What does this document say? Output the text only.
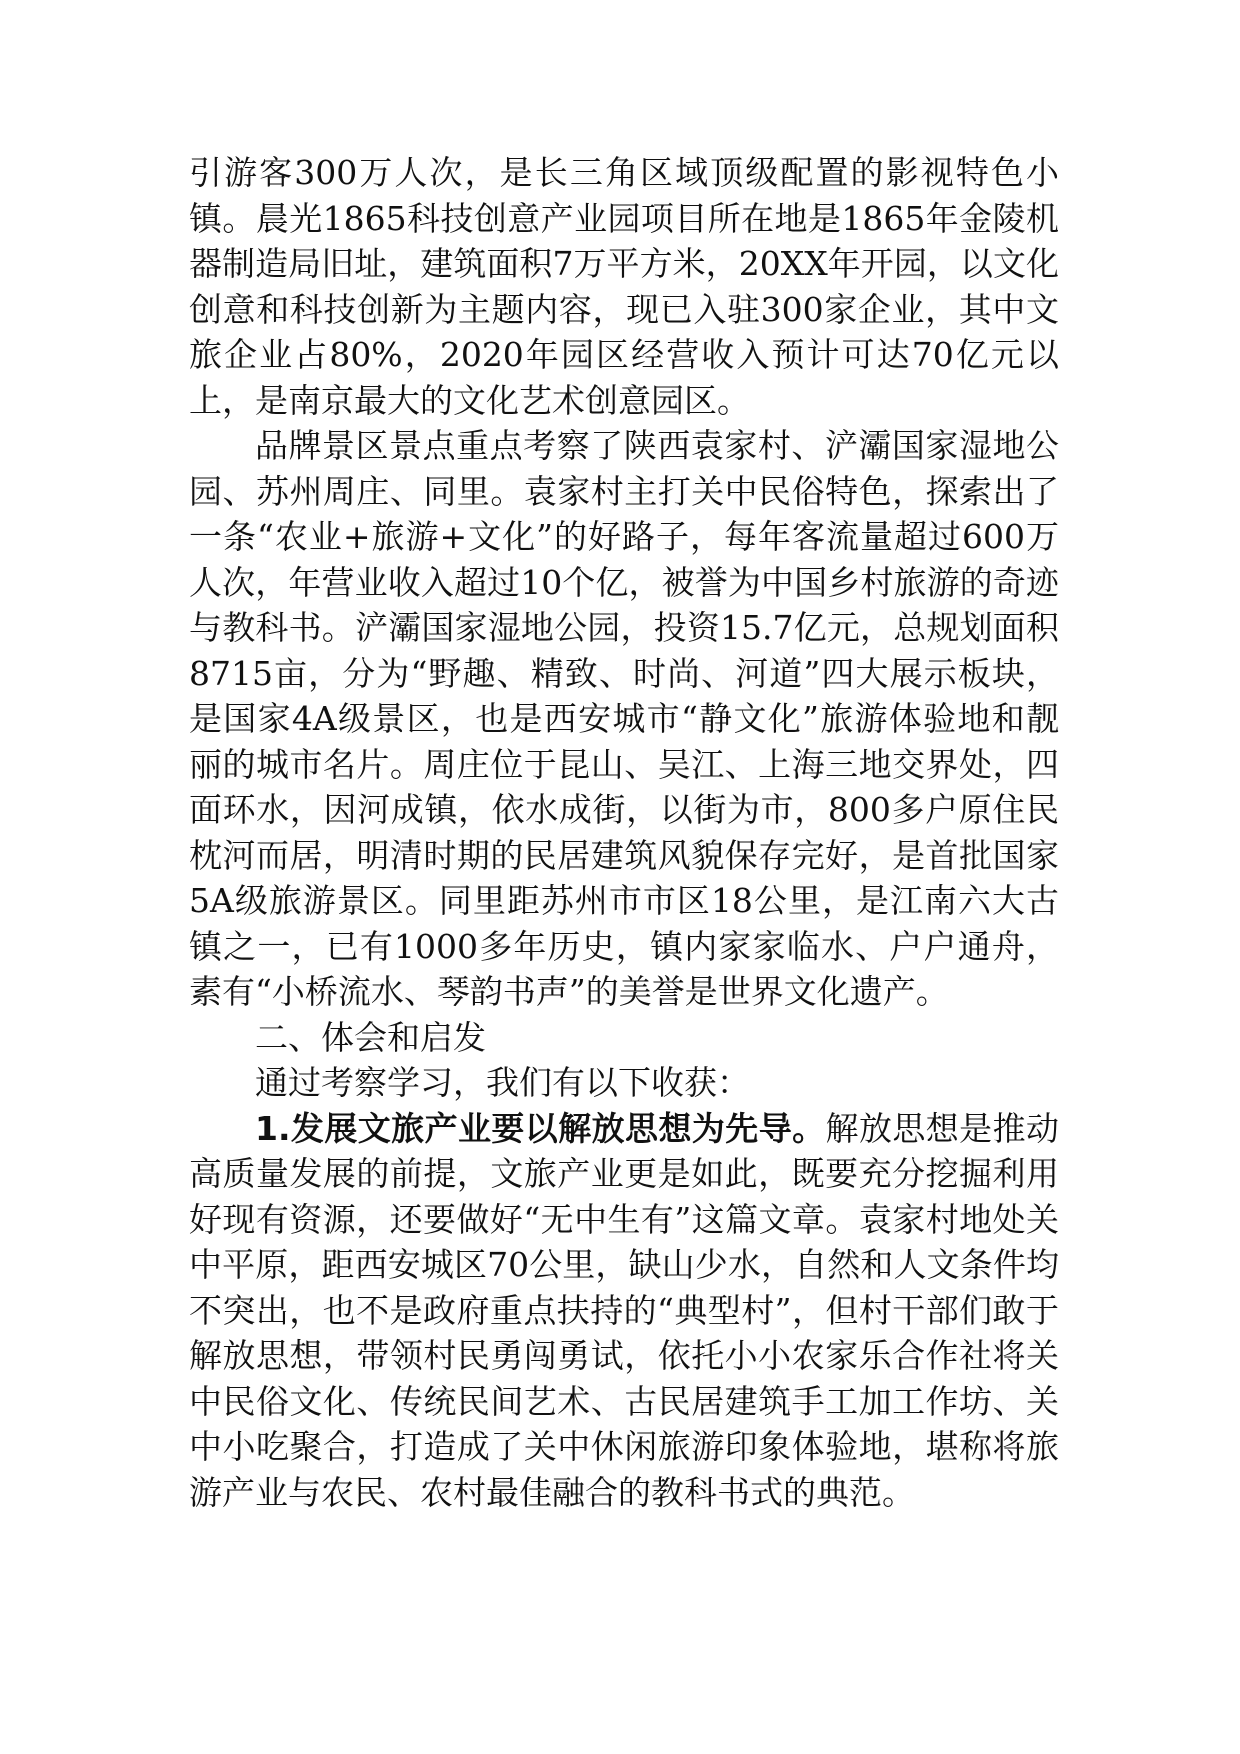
引游客300万人次，是长三角区域顶级配置的影视特色小镇。晨光1865科技创意产业园项目所在地是1865年金陵机器制造局旧址，建筑面积7万平方米，20XX年开园，以文化创意和科技创新为主题内容，现已入驻300家企业，其中文旅企业占80%，2020年园区经营收入预计可达70亿元以上，是南京最大的文化艺术创意园区。

品牌景区景点重点考察了陕西袁家村、浐灞国家湿地公园、苏州周庄、同里。袁家村主打关中民俗特色，探索出了一条“农业+旅游+文化”的好路子，每年客流量超过600万人次，年营业收入超过10个亿，被誉为中国乡村旅游的奇迹与教科书。浐灞国家湿地公园，投资15.7亿元，总规划面积8715亩，分为“野趣、精致、时尚、河道”四大展示板块，是国家4A级景区，也是西安城市“静文化”旅游体验地和靓丽的城市名片。周庄位于昆山、吴江、上海三地交界处，四面环水，因河成镇，依水成街，以街为市，800多户原住民枕河而居，明清时期的民居建筑风貌保存完好，是首批国家5A级旅游景区。同里距苏州市市区18公里，是江南六大古镇之一，已有1000多年历史，镇内家家临水、户户通舟，素有“小桥流水、琴韵书声”的美誉是世界文化遗产。

二、体会和启发

通过考察学习，我们有以下收获：

1.发展文旅产业要以解放思想为先导。解放思想是推动高质量发展的前提，文旅产业更是如此，既要充分挖掘利用好现有资源，还要做好“无中生有”这篇文章。袁家村地处关中平原，距西安城区70公里，缺山少水，自然和人文条件均不突出，也不是政府重点扶持的“典型村”，但村干部们敢于解放思想，带领村民勇闯勇试，依托小小农家乐合作社将关中民俗文化、传统民间艺术、古民居建筑手工加工作坊、关中小吃聚合，打造成了关中休闲旅游印象体验地，堪称将旅游产业与农民、农村最佳融合的教科书式的典范。
